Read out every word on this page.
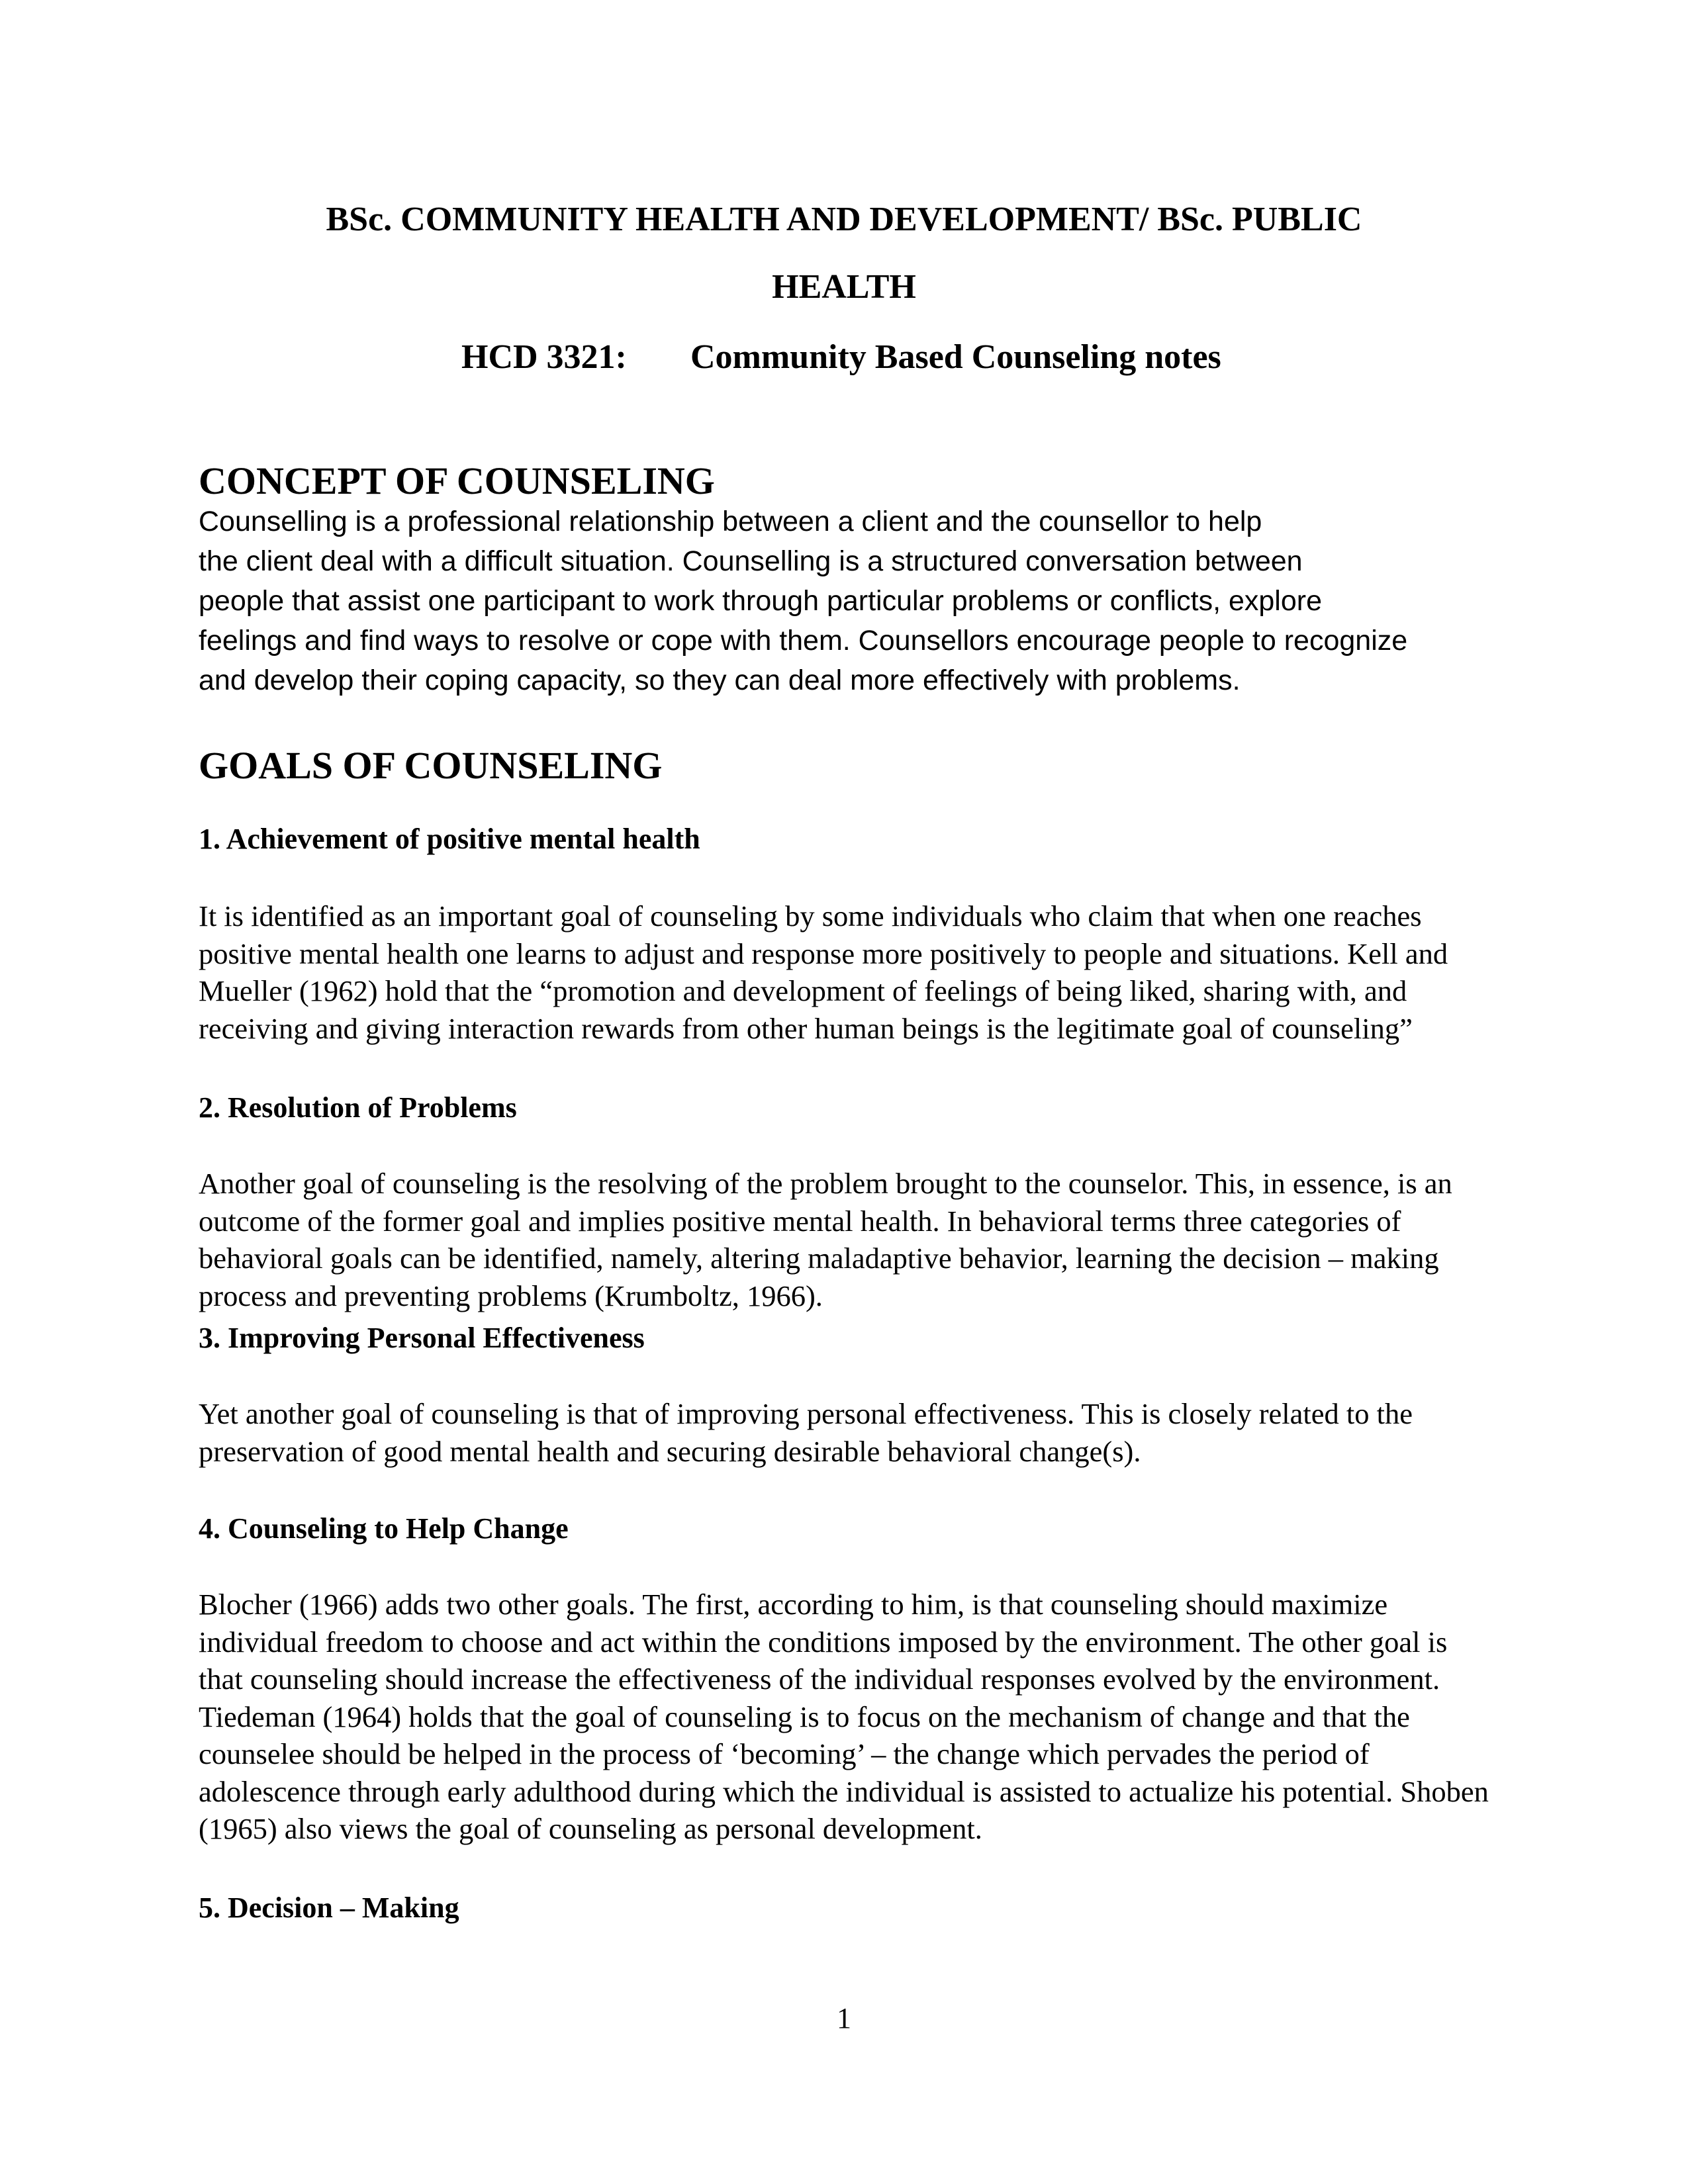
BSc. COMMUNITY HEALTH AND DEVELOPMENT/ BSc. PUBLIC

HEALTH

HCD 3321: Community Based Counseling notes

CONCEPT OF COUNSELING

Counselling is a professional relationship between a client and the counsellor to help

the client deal with a difficult situation. Counselling is a structured conversation between

people that assist one participant to work through particular problems or conflicts, explore

feelings and find ways to resolve or cope with them. Counsellors encourage people to recognize

and develop their coping capacity, so they can deal more effectively with problems.

GOALS OF COUNSELING
1. Achievement of positive mental health

It is identified as an important goal of counseling by some individuals who claim that when one reaches positive mental health one learns to adjust and response more positively to people and situations. Kell and Mueller (1962) hold that the “promotion and development of feelings of being liked, sharing with, and receiving and giving interaction rewards from other human beings is the legitimate goal of counseling”

2. Resolution of Problems

Another goal of counseling is the resolving of the problem brought to the counselor. This, in essence, is an outcome of the former goal and implies positive mental health. In behavioral terms three categories of behavioral goals can be identified, namely, altering maladaptive behavior, learning the decision – making process and preventing problems (Krumboltz, 1966).

3. Improving Personal Effectiveness

Yet another goal of counseling is that of improving personal effectiveness. This is closely related to the preservation of good mental health and securing desirable behavioral change(s).

4. Counseling to Help Change

Blocher (1966) adds two other goals. The first, according to him, is that counseling should maximize individual freedom to choose and act within the conditions imposed by the environment. The other goal is that counseling should increase the effectiveness of the individual responses evolved by the environment. Tiedeman (1964) holds that the goal of counseling is to focus on the mechanism of change and that the counselee should be helped in the process of ‘becoming’ – the change which pervades the period of adolescence through early adulthood during which the individual is assisted to actualize his potential. Shoben (1965) also views the goal of counseling as personal development.

5. Decision – Making

1
